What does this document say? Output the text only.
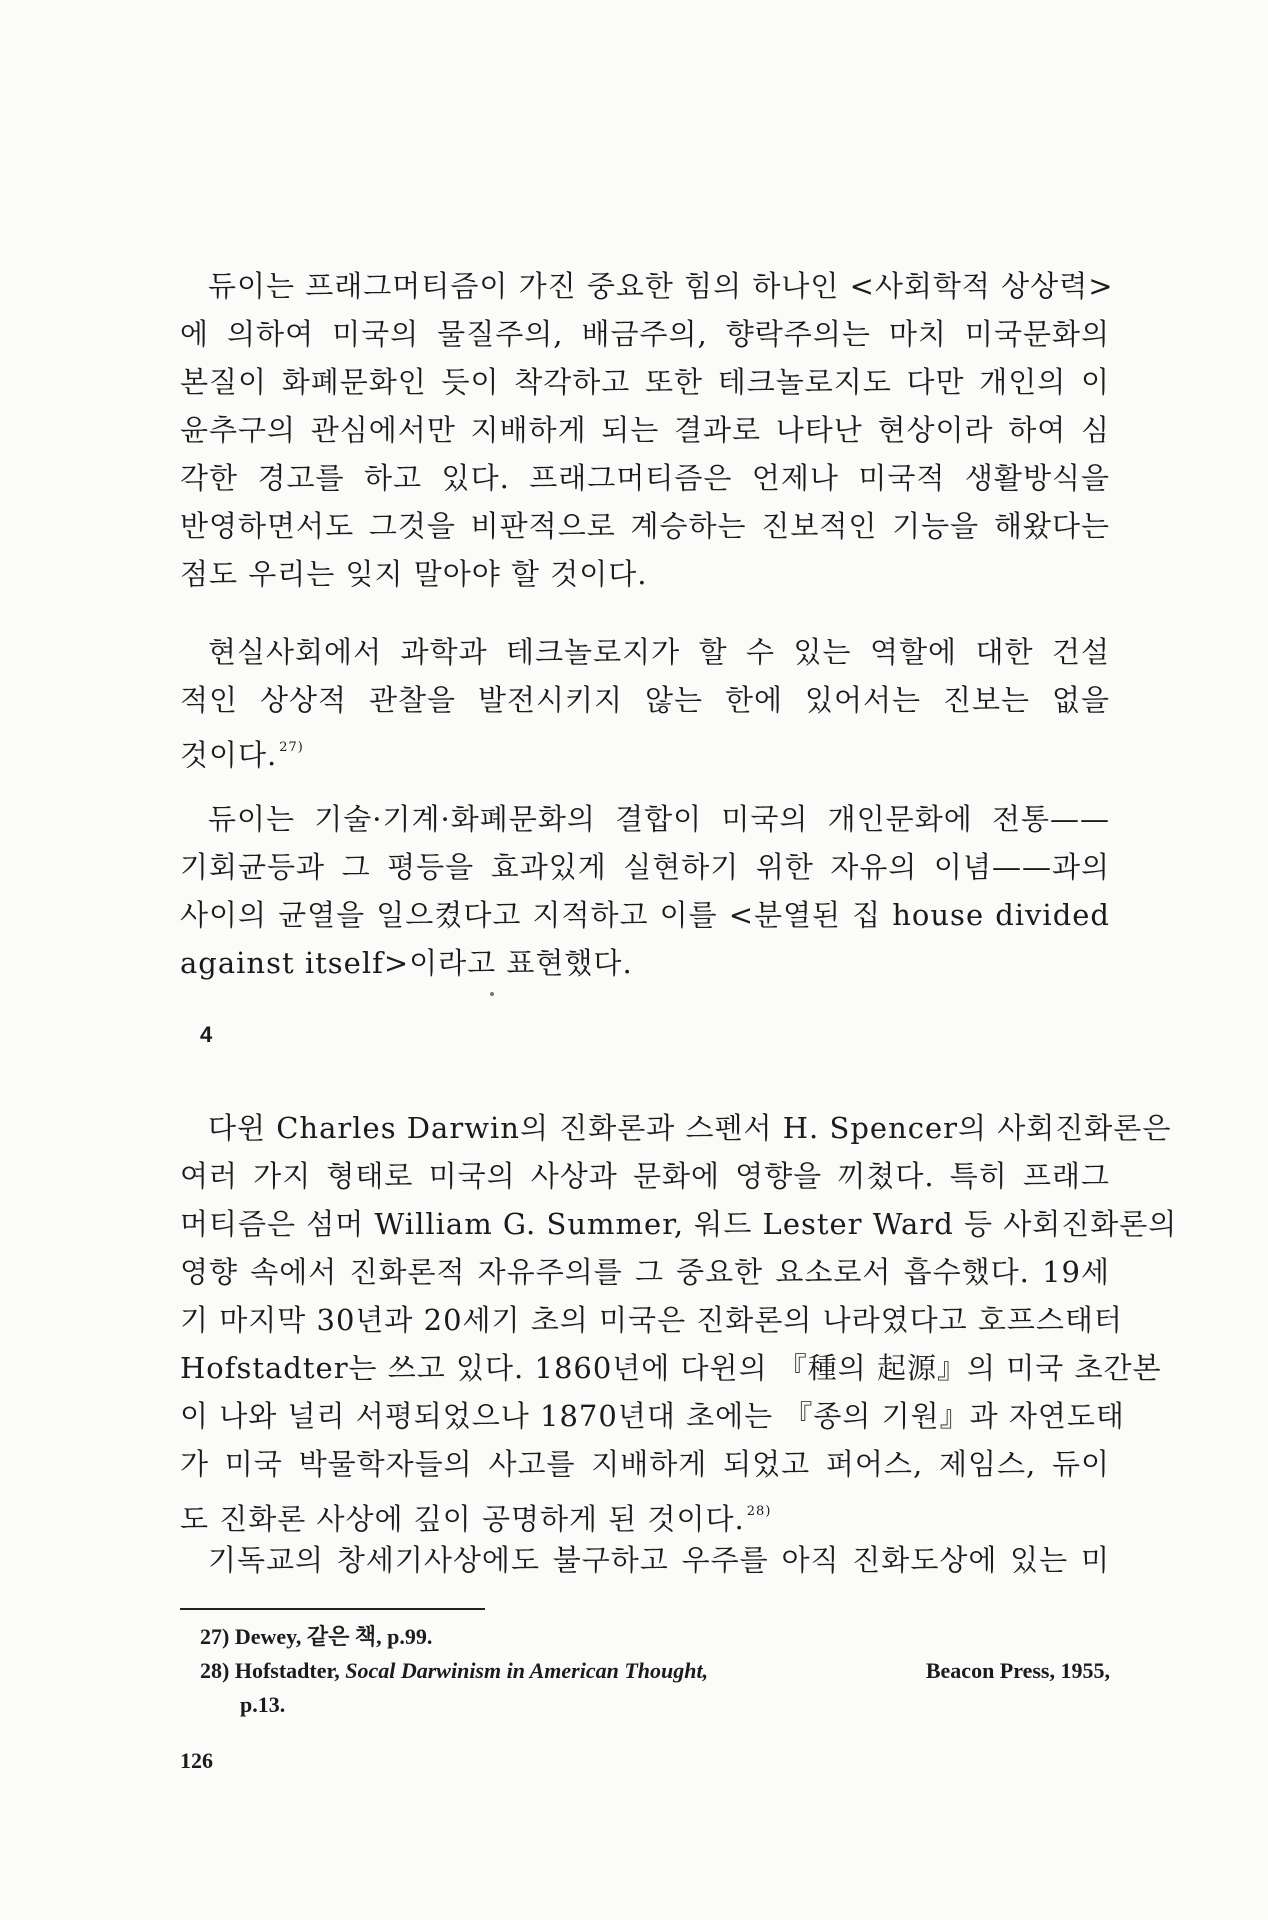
듀이는 프래그머티즘이 가진 중요한 힘의 하나인 <사회학적 상상력>
에 의하여 미국의 물질주의, 배금주의, 향락주의는 마치 미국문화의
본질이 화폐문화인 듯이 착각하고 또한 테크놀로지도 다만 개인의 이
윤추구의 관심에서만 지배하게 되는 결과로 나타난 현상이라 하여 심
각한 경고를 하고 있다. 프래그머티즘은 언제나 미국적 생활방식을
반영하면서도 그것을 비판적으로 계승하는 진보적인 기능을 해왔다는
점도 우리는 잊지 말아야 할 것이다.
현실사회에서 과학과 테크놀로지가 할 수 있는 역할에 대한 건설
적인 상상적 관찰을 발전시키지 않는 한에 있어서는 진보는 없을
것이다. $^{27)}$
듀이는 기술·기계·화폐문화의 결합이 미국의 개인문화에 전통——
기회균등과 그 평등을 효과있게 실현하기 위한 자유의 이념——과의
사이의 균열을 일으켰다고 지적하고 이를 <분열된 집 house divided
against itself>이라고 표현했다.
4
다윈 Charles Darwin의 진화론과 스펜서 H. Spencer의 사회진화론은
여러 가지 형태로 미국의 사상과 문화에 영향을 끼쳤다. 특히 프래그
머티즘은 섬머 William G. Summer, 워드 Lester Ward 등 사회진화론의
영향 속에서 진화론적 자유주의를 그 중요한 요소로서 흡수했다. 19세
기 마지막 30년과 20세기 초의 미국은 진화론의 나라였다고 호프스태터
Hofstadter는 쓰고 있다. 1860년에 다윈의 『種의 起源』의 미국 초간본
이 나와 널리 서평되었으나 1870년대 초에는 『종의 기원』과 자연도태
가 미국 박물학자들의 사고를 지배하게 되었고 퍼어스, 제임스, 듀이
도 진화론 사상에 깊이 공명하게 된 것이다. $^{28)}$
기독교의 창세기사상에도 불구하고 우주를 아직 진화도상에 있는 미
27) Dewey, 같은 책, p.99.
28) Hofstadter, Socal Darwinism in American Thought,	Beacon Press, 1955,
p.13.
126
